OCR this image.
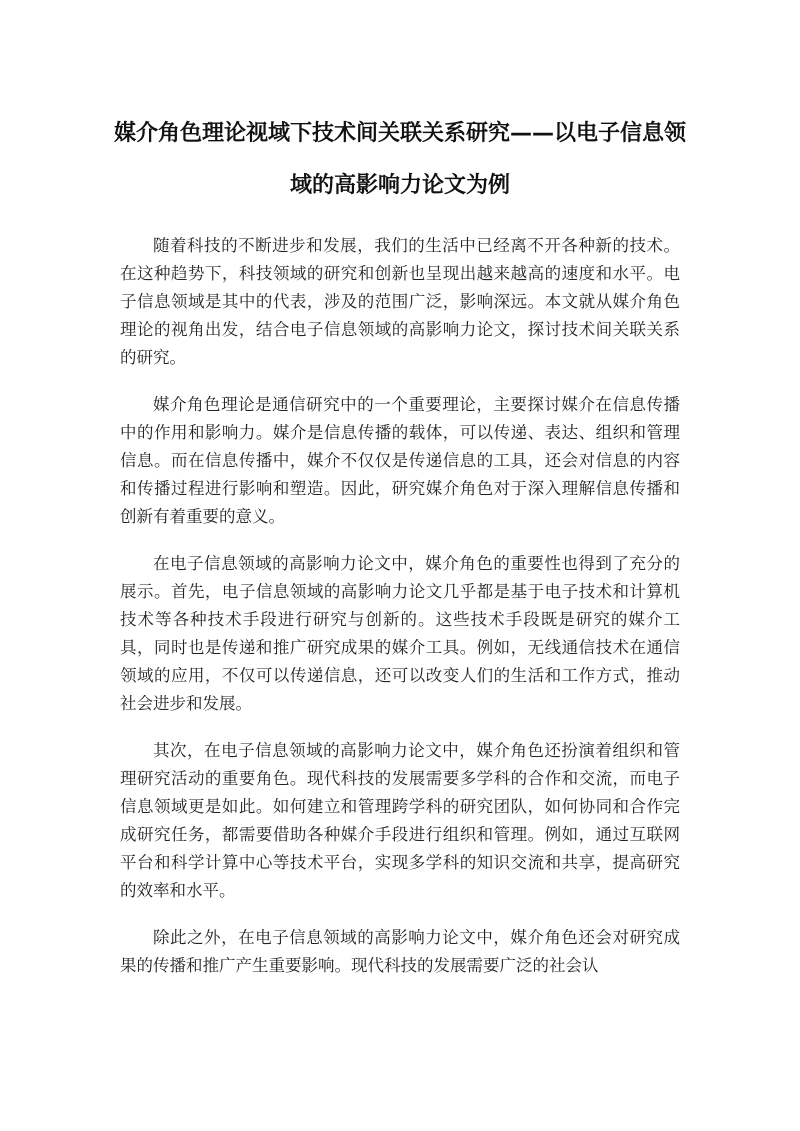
媒介角色理论视域下技术间关联关系研究——以电子信息领域的高影响力论文为例

随着科技的不断进步和发展，我们的生活中已经离不开各种新的技术。在这种趋势下，科技领域的研究和创新也呈现出越来越高的速度和水平。电子信息领域是其中的代表，涉及的范围广泛，影响深远。本文就从媒介角色理论的视角出发，结合电子信息领域的高影响力论文，探讨技术间关联关系的研究。

媒介角色理论是通信研究中的一个重要理论，主要探讨媒介在信息传播中的作用和影响力。媒介是信息传播的载体，可以传递、表达、组织和管理信息。而在信息传播中，媒介不仅仅是传递信息的工具，还会对信息的内容和传播过程进行影响和塑造。因此，研究媒介角色对于深入理解信息传播和创新有着重要的意义。

在电子信息领域的高影响力论文中，媒介角色的重要性也得到了充分的展示。首先，电子信息领域的高影响力论文几乎都是基于电子技术和计算机技术等各种技术手段进行研究与创新的。这些技术手段既是研究的媒介工具，同时也是传递和推广研究成果的媒介工具。例如，无线通信技术在通信领域的应用，不仅可以传递信息，还可以改变人们的生活和工作方式，推动社会进步和发展。

其次，在电子信息领域的高影响力论文中，媒介角色还扮演着组织和管理研究活动的重要角色。现代科技的发展需要多学科的合作和交流，而电子信息领域更是如此。如何建立和管理跨学科的研究团队，如何协同和合作完成研究任务，都需要借助各种媒介手段进行组织和管理。例如，通过互联网平台和科学计算中心等技术平台，实现多学科的知识交流和共享，提高研究的效率和水平。

除此之外，在电子信息领域的高影响力论文中，媒介角色还会对研究成果的传播和推广产生重要影响。现代科技的发展需要广泛的社会认
